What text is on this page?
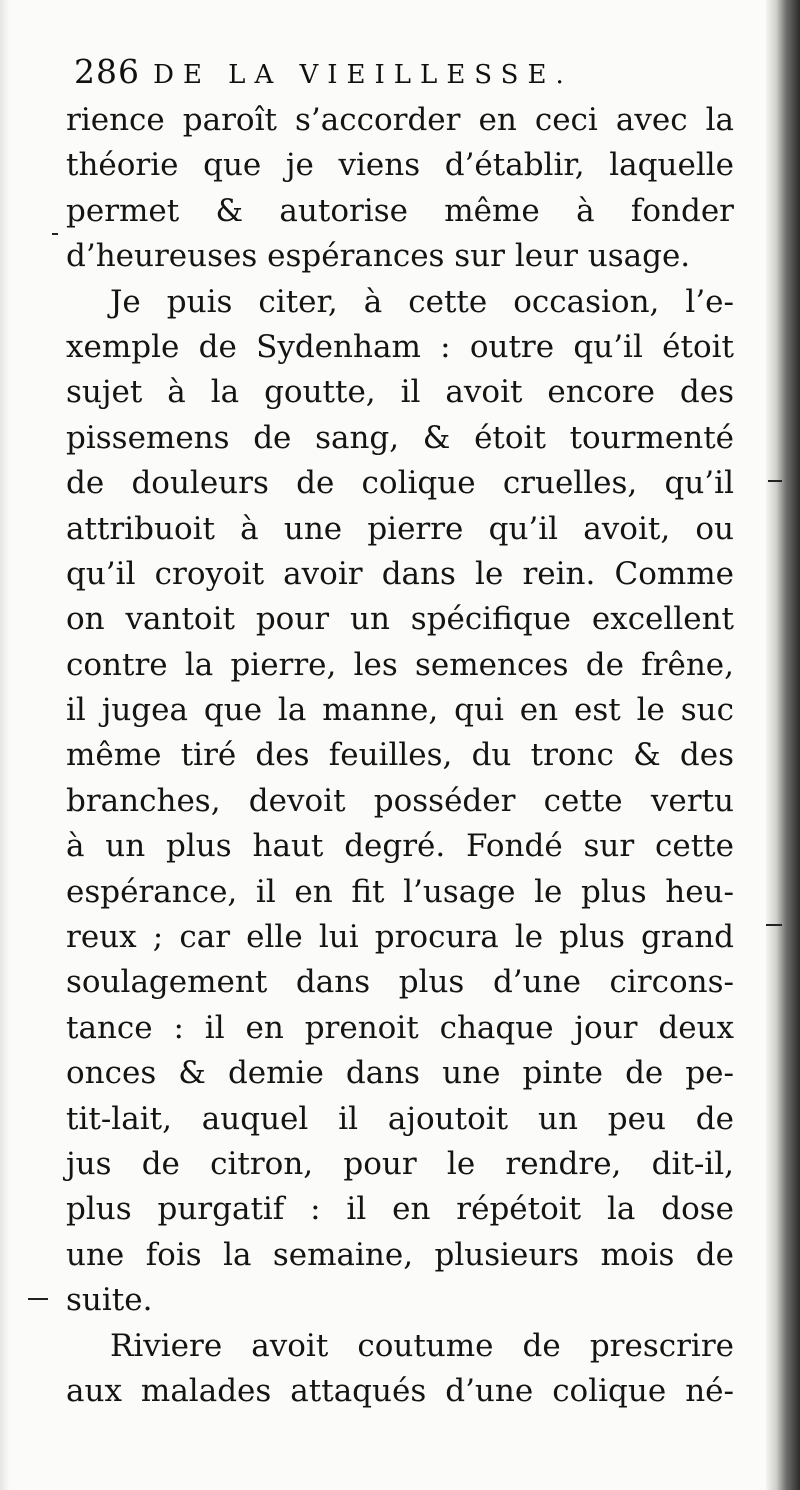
286 DE LA VIEILLESSE.
rience paroît s’accorder en ceci avec la
théorie que je viens d’établir, laquelle
permet & autorise même à fonder
d’heureuses espérances sur leur usage.
Je puis citer, à cette occasion, l’e-
xemple de Sydenham : outre qu’il étoit
sujet à la goutte, il avoit encore des
pissemens de sang, & étoit tourmenté
de douleurs de colique cruelles, qu’il
attribuoit à une pierre qu’il avoit, ou
qu’il croyoit avoir dans le rein. Comme
on vantoit pour un spécifique excellent
contre la pierre, les semences de frêne,
il jugea que la manne, qui en est le suc
même tiré des feuilles, du tronc & des
branches, devoit posséder cette vertu
à un plus haut degré. Fondé sur cette
espérance, il en fit l’usage le plus heu-
reux ; car elle lui procura le plus grand
soulagement dans plus d’une circons-
tance : il en prenoit chaque jour deux
onces & demie dans une pinte de pe-
tit-lait, auquel il ajoutoit un peu de
jus de citron, pour le rendre, dit-il,
plus purgatif : il en répétoit la dose
une fois la semaine, plusieurs mois de
suite.
Riviere avoit coutume de prescrire
aux malades attaqués d’une colique né-
